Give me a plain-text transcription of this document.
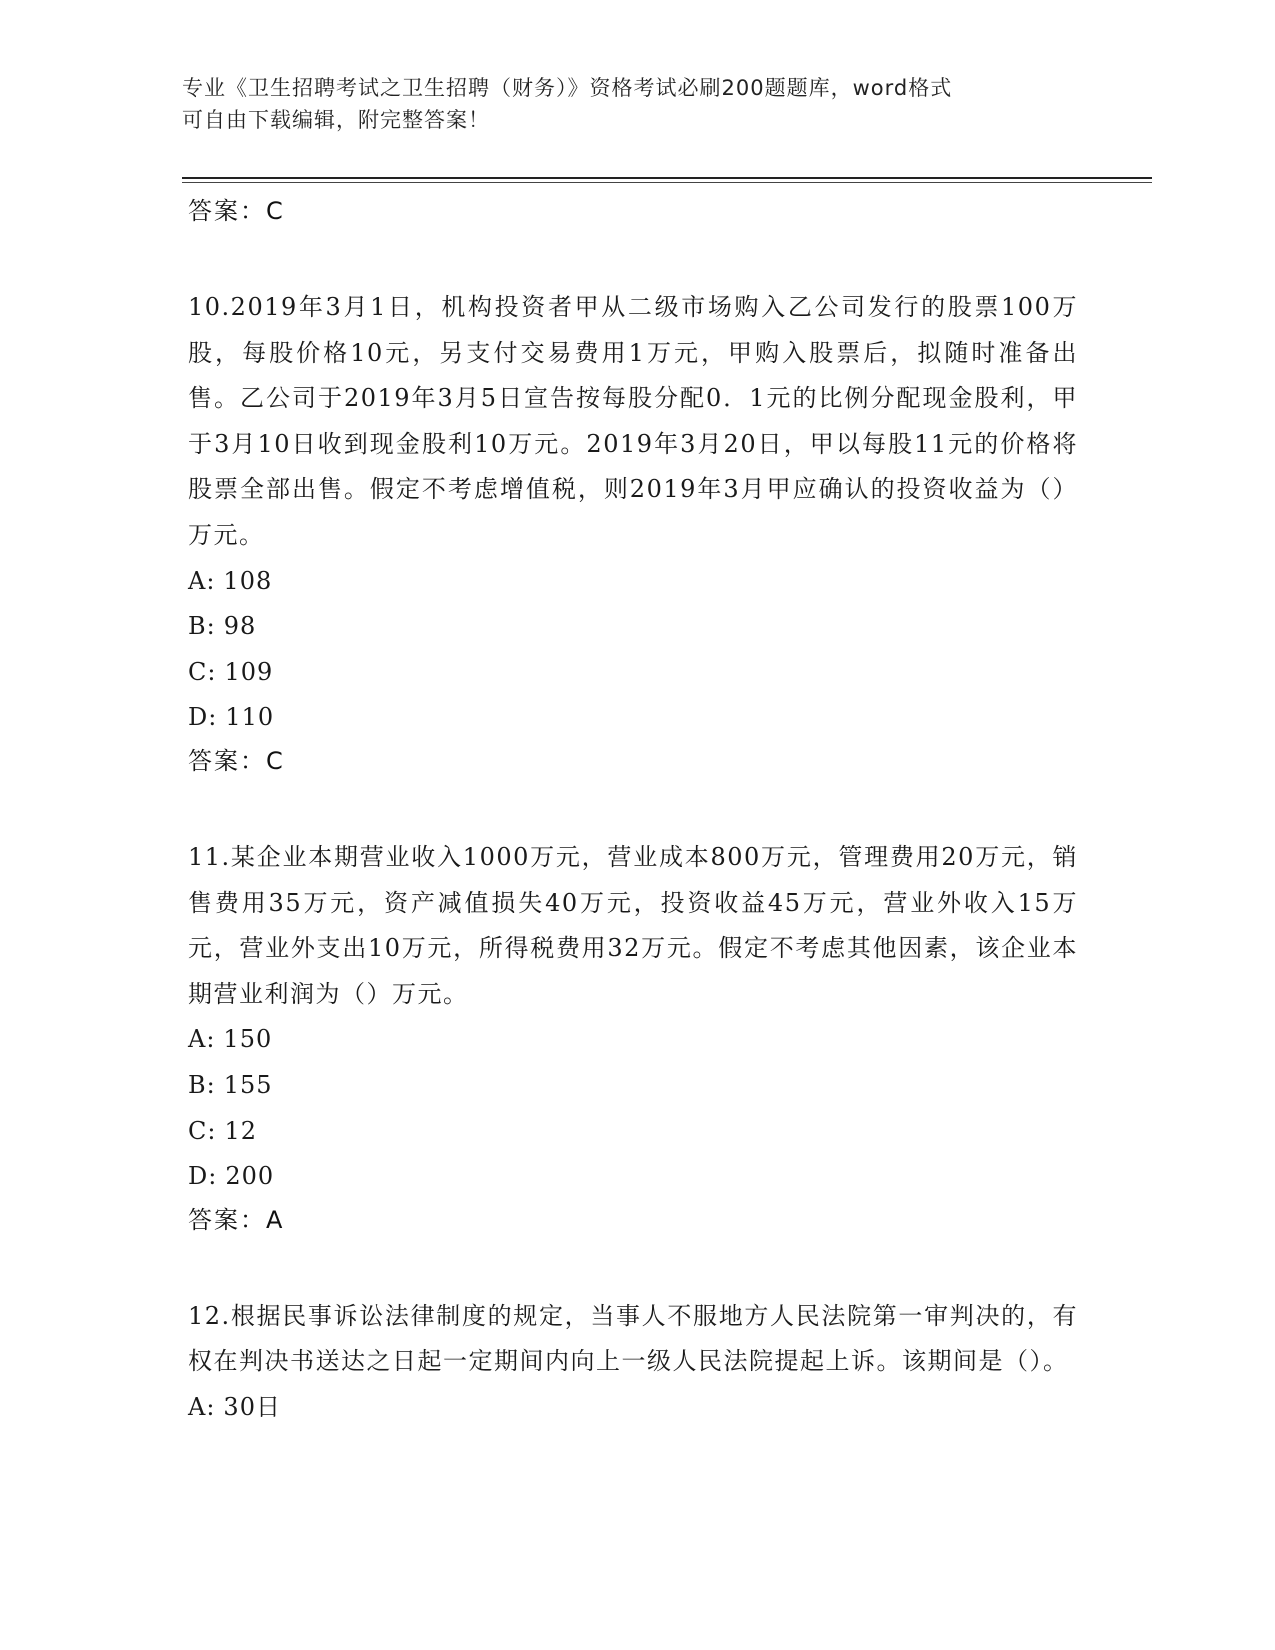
专业《卫生招聘考试之卫生招聘（财务）》资格考试必刷200题题库，word格式
可自由下载编辑，附完整答案！
答案：C
10.2019年3月1日，机构投资者甲从二级市场购入乙公司发行的股票100万股，每股价格10元，另支付交易费用1万元，甲购入股票后，拟随时准备出售。乙公司于2019年3月5日宣告按每股分配0．1元的比例分配现金股利，甲于3月10日收到现金股利10万元。2019年3月20日，甲以每股11元的价格将股票全部出售。假定不考虑增值税，则2019年3月甲应确认的投资收益为（）万元。
A: 108
B: 98
C: 109
D: 110
答案：C
11.某企业本期营业收入1000万元，营业成本800万元，管理费用20万元，销售费用35万元，资产减值损失40万元，投资收益45万元，营业外收入15万元，营业外支出10万元，所得税费用32万元。假定不考虑其他因素，该企业本期营业利润为（）万元。
A: 150
B: 155
C: 12
D: 200
答案：A
12.根据民事诉讼法律制度的规定，当事人不服地方人民法院第一审判决的，有权在判决书送达之日起一定期间内向上一级人民法院提起上诉。该期间是（）。
A: 30日
